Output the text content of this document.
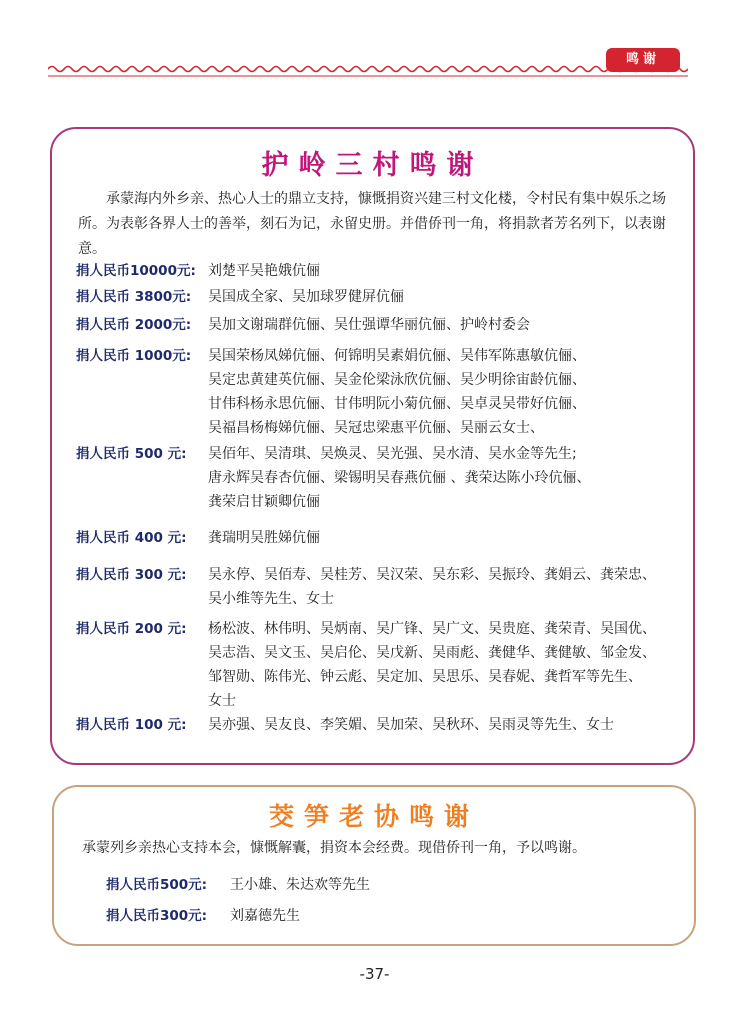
鸣谢
护岭三村鸣谢
承蒙海内外乡亲、热心人士的鼎立支持，慷慨捐资兴建三村文化楼，令村民有集中娱乐之场所。为表彰各界人士的善举，刻石为记，永留史册。并借侨刊一角，将捐款者芳名列下，以表谢意。
捐人民币10000元: 刘楚平吴艳娥伉俪
捐人民币 3800元: 吴国成全家、吴加球罗健屏伉俪
捐人民币 2000元: 吴加文谢瑞群伉俪、吴仕强谭华丽伉俪、护岭村委会
捐人民币 1000元: 吴国荣杨凤娣伉俪、何锦明吴素娟伉俪、吴伟军陈惠敏伉俪、
吴定忠黄建英伉俪、吴金伦梁泳欣伉俪、吴少明徐宙龄伉俪、
甘伟科杨永思伉俪、甘伟明阮小菊伉俪、吴卓灵吴带好伉俪、
吴福昌杨梅娣伉俪、吴冠忠梁惠平伉俪、吴丽云女士、
捐人民币 500 元: 吴佰年、吴清琪、吴焕灵、吴光强、吴水清、吴水金等先生;
唐永辉吴春杏伉俪、梁锡明吴春燕伉俪 、龚荣达陈小玲伉俪、
龚荣启甘颖卿伉俪
捐人民币 400 元: 龚瑞明吴胜娣伉俪
捐人民币 300 元: 吴永停、吴佰寿、吴桂芳、吴汉荣、吴东彩、吴振玲、龚娟云、龚荣忠、
吴小维等先生、女士
捐人民币 200 元: 杨松波、林伟明、吴炳南、吴广锋、吴广文、吴贵庭、龚荣青、吴国优、
吴志浩、吴文玉、吴启伦、吴戊新、吴雨彪、龚健华、龚健敏、邹金发、
邹智勋、陈伟光、钟云彪、吴定加、吴思乐、吴春妮、龚哲军等先生、
女士
捐人民币 100 元: 吴亦强、吴友良、李笑媚、吴加荣、吴秋环、吴雨灵等先生、女士
茭笋老协鸣谢
承蒙列乡亲热心支持本会，慷慨解囊，捐资本会经费。现借侨刊一角，予以鸣谢。
捐人民币500元: 王小雄、朱达欢等先生
捐人民币300元: 刘嘉德先生
-37-
